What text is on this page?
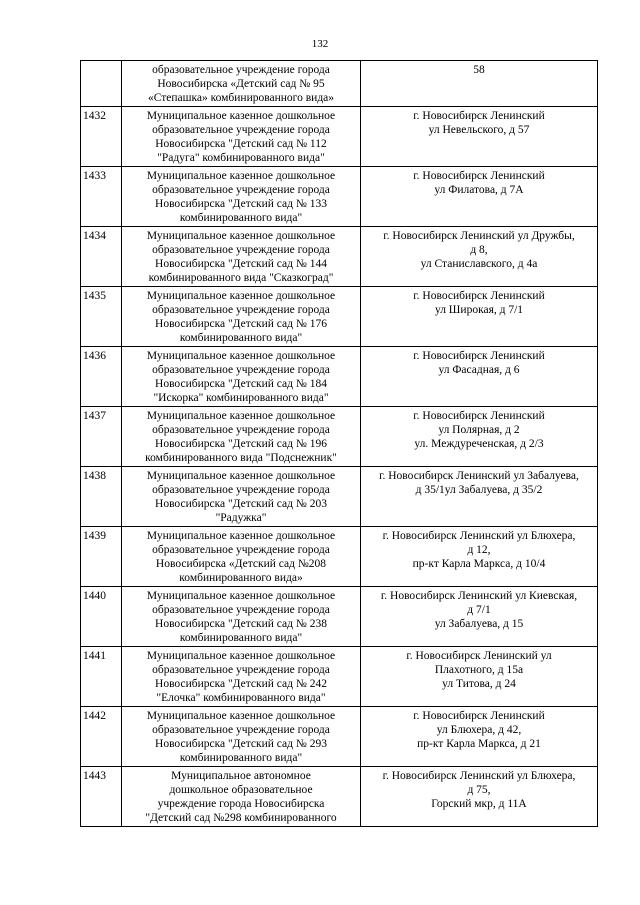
132

	образовательное учреждение города
Новосибирска «Детский сад № 95
«Степашка» комбинированного вида»	58

1432	Муниципальное казенное дошкольное
образовательное учреждение города
Новосибирска "Детский сад № 112
"Радуга" комбинированного вида"	г. Новосибирск Ленинский
ул Невельского, д 57

1433	Муниципальное казенное дошкольное
образовательное учреждение города
Новосибирска "Детский сад № 133
комбинированного вида"	г. Новосибирск Ленинский
ул Филатова, д 7А

1434	Муниципальное казенное дошкольное
образовательное учреждение города
Новосибирска "Детский сад № 144
комбинированного вида "Сказкоград"	г. Новосибирск Ленинский ул Дружбы,
д 8,
ул Станиславского, д 4а

1435	Муниципальное казенное дошкольное
образовательное учреждение города
Новосибирска "Детский сад № 176
комбинированного вида"	г. Новосибирск Ленинский
ул Широкая, д 7/1

1436	Муниципальное казенное дошкольное
образовательное учреждение города
Новосибирска "Детский сад № 184
"Искорка" комбинированного вида"	г. Новосибирск Ленинский
ул Фасадная, д 6

1437	Муниципальное казенное дошкольное
образовательное учреждение города
Новосибирска "Детский сад № 196
комбинированного вида "Подснежник"	г. Новосибирск Ленинский
ул Полярная, д 2
ул. Междуреченская, д 2/3

1438	Муниципальное казенное дошкольное
образовательное учреждение города
Новосибирска "Детский сад № 203
"Радужка"	г. Новосибирск Ленинский ул Забалуева,
д 35/1ул Забалуева, д 35/2

1439	Муниципальное казенное дошкольное
образовательное учреждение города
Новосибирска «Детский сад №208
комбинированного вида»	г. Новосибирск Ленинский ул Блюхера,
д 12,
пр-кт Карла Маркса, д 10/4

1440	Муниципальное казенное дошкольное
образовательное учреждение города
Новосибирска "Детский сад № 238
комбинированного вида"	г. Новосибирск Ленинский ул Киевская,
д 7/1
ул Забалуева, д 15

1441	Муниципальное казенное дошкольное
образовательное учреждение города
Новосибирска "Детский сад № 242
"Елочка" комбинированного вида"	г. Новосибирск Ленинский ул
Плахотного, д 15а
ул Титова, д 24

1442	Муниципальное казенное дошкольное
образовательное учреждение города
Новосибирска "Детский сад № 293
комбинированного вида"	г. Новосибирск Ленинский
ул Блюхера, д 42,
пр-кт Карла Маркса, д 21

1443	Муниципальное автономное
дошкольное образовательное
учреждение города Новосибирска
"Детский сад №298 комбинированного	г. Новосибирск Ленинский ул Блюхера,
д 75,
Горский мкр, д 11А
